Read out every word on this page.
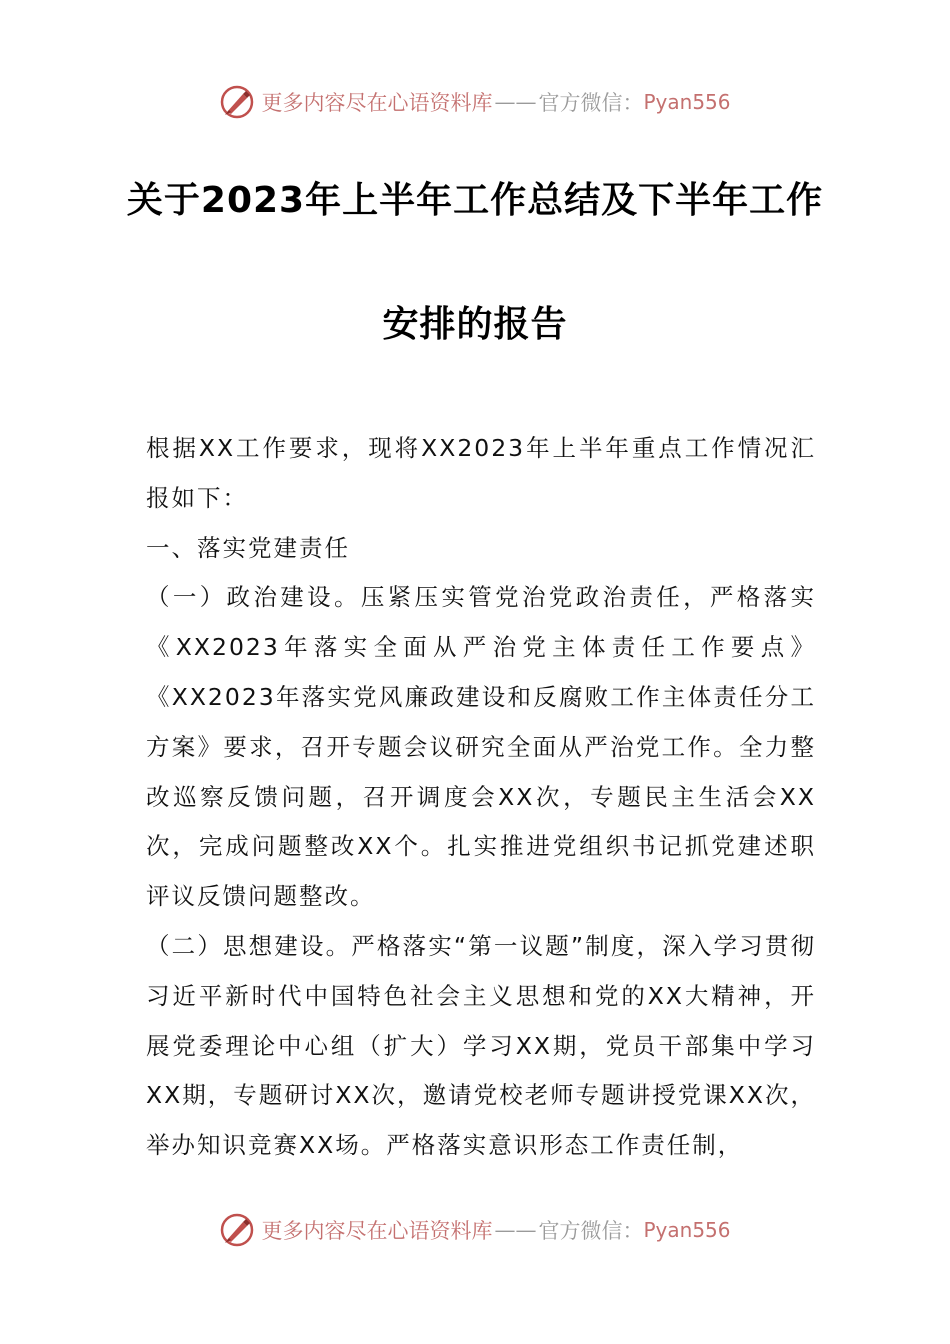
更多内容尽在心语资料库 —— 官方微信： Pyan556
关于2023年上半年工作总结及下半年工作
安排的报告

根据XX工作要求，现将XX2023年上半年重点工作情况汇报如下：

一、落实党建责任

（一）政治建设。压紧压实管党治党政治责任，严格落实《XX2023年落实全面从严治党主体责任工作要点》《XX2023年落实党风廉政建设和反腐败工作主体责任分工方案》要求，召开专题会议研究全面从严治党工作。全力整改巡察反馈问题，召开调度会XX次，专题民主生活会XX次，完成问题整改XX个。扎实推进党组织书记抓党建述职评议反馈问题整改。

（二）思想建设。严格落实“第一议题”制度，深入学习贯彻习近平新时代中国特色社会主义思想和党的XX大精神，开展党委理论中心组（扩大）学习XX期，党员干部集中学习XX期，专题研讨XX次，邀请党校老师专题讲授党课XX次，举办知识竞赛XX场。严格落实意识形态工作责任制，

更多内容尽在心语资料库 —— 官方微信： Pyan556
